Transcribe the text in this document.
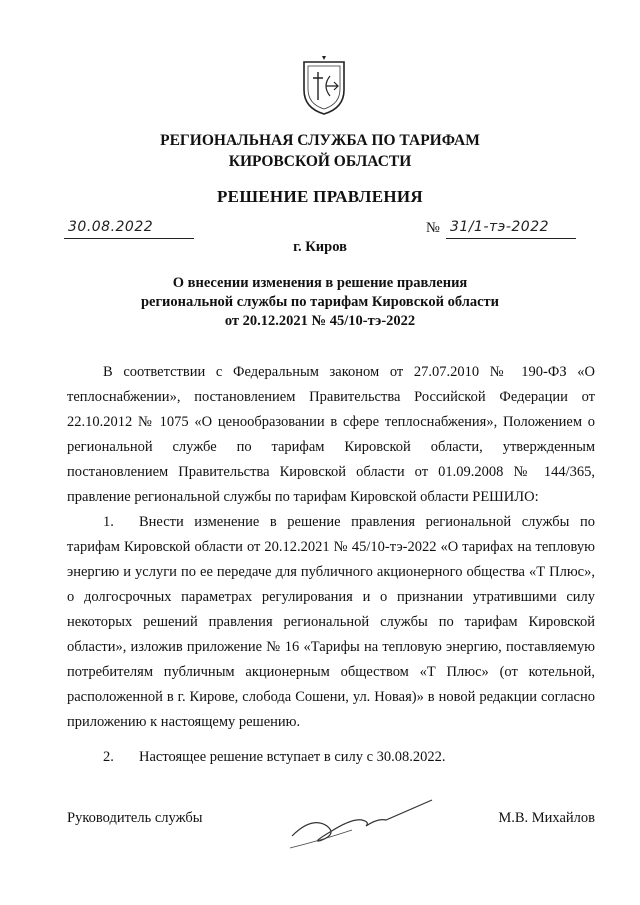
РЕГИОНАЛЬНАЯ СЛУЖБА ПО ТАРИФАМ
КИРОВСКОЙ ОБЛАСТИ
РЕШЕНИЕ ПРАВЛЕНИЯ
30.08.2022	№ 31/1-тэ-2022
г. Киров
О внесении изменения в решение правления
региональной службы по тарифам Кировской области
от 20.12.2021 № 45/10-тэ-2022
В соответствии с Федеральным законом от 27.07.2010 № 190-ФЗ «О теплоснабжении», постановлением Правительства Российской Федерации от 22.10.2012 № 1075 «О ценообразовании в сфере теплоснабжения», Положением о региональной службе по тарифам Кировской области, утвержденным постановлением Правительства Кировской области от 01.09.2008 № 144/365, правление региональной службы по тарифам Кировской области РЕШИЛО:
1. Внести изменение в решение правления региональной службы по тарифам Кировской области от 20.12.2021 № 45/10-тэ-2022 «О тарифах на тепловую энергию и услуги по ее передаче для публичного акционерного общества «Т Плюс», о долгосрочных параметрах регулирования и о признании утратившими силу некоторых решений правления региональной службы по тарифам Кировской области», изложив приложение № 16 «Тарифы на тепловую энергию, поставляемую потребителям публичным акционерным обществом «Т Плюс» (от котельной, расположенной в г. Кирове, слобода Сошени, ул. Новая)» в новой редакции согласно приложению к настоящему решению.
2. Настоящее решение вступает в силу с 30.08.2022.
Руководитель службы	М.В. Михайлов
